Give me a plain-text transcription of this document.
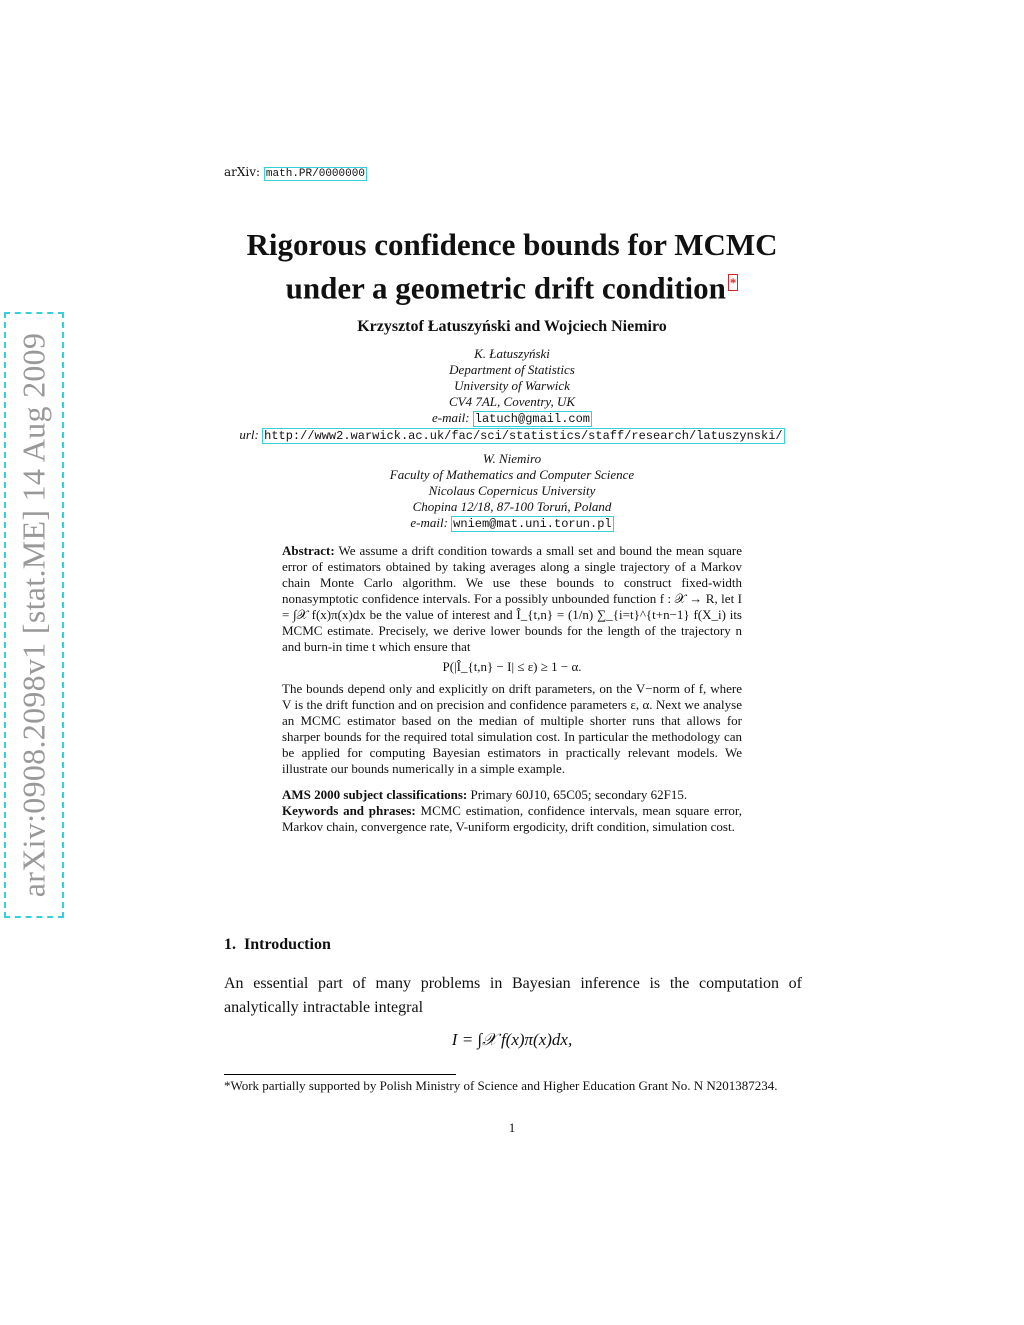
arXiv:0908.2098v1 [stat.ME] 14 Aug 2009
arXiv: math.PR/0000000
Rigorous confidence bounds for MCMC
under a geometric drift condition *
Krzysztof Łatuszyński and Wojciech Niemiro
K. Łatuszyński
Department of Statistics
University of Warwick
CV4 7AL, Coventry, UK
e-mail: latuch@gmail.com
url: http://www2.warwick.ac.uk/fac/sci/statistics/staff/research/latuszynski/
W. Niemiro
Faculty of Mathematics and Computer Science
Nicolaus Copernicus University
Chopina 12/18, 87-100 Toruń, Poland
e-mail: wniem@mat.uni.torun.pl

Abstract: We assume a drift condition towards a small set and bound the mean square error of estimators obtained by taking averages along a single trajectory of a Markov chain Monte Carlo algorithm. We use these bounds to construct fixed-width nonasymptotic confidence intervals. For a possibly unbounded function f : 𝒳 → R, let I = ∫𝒳 f(x)π(x)dx be the value of interest and Î_{t,n} = (1/n) ∑_{i=t}^{t+n−1} f(X_i) its MCMC estimate. Precisely, we derive lower bounds for the length of the trajectory n and burn-in time t which ensure that

P(|Î_{t,n} − I| ≤ ε) ≥ 1 − α.

The bounds depend only and explicitly on drift parameters, on the V−norm of f, where V is the drift function and on precision and confidence parameters ε, α. Next we analyse an MCMC estimator based on the median of multiple shorter runs that allows for sharper bounds for the required total simulation cost. In particular the methodology can be applied for computing Bayesian estimators in practically relevant models. We illustrate our bounds numerically in a simple example.

AMS 2000 subject classifications: Primary 60J10, 65C05; secondary 62F15.

Keywords and phrases: MCMC estimation, confidence intervals, mean square error, Markov chain, convergence rate, V-uniform ergodicity, drift condition, simulation cost.

1. Introduction
An essential part of many problems in Bayesian inference is the computation of analytically intractable integral
I = ∫𝒳 f(x)π(x)dx,
*Work partially supported by Polish Ministry of Science and Higher Education Grant No. N N201387234.
1
